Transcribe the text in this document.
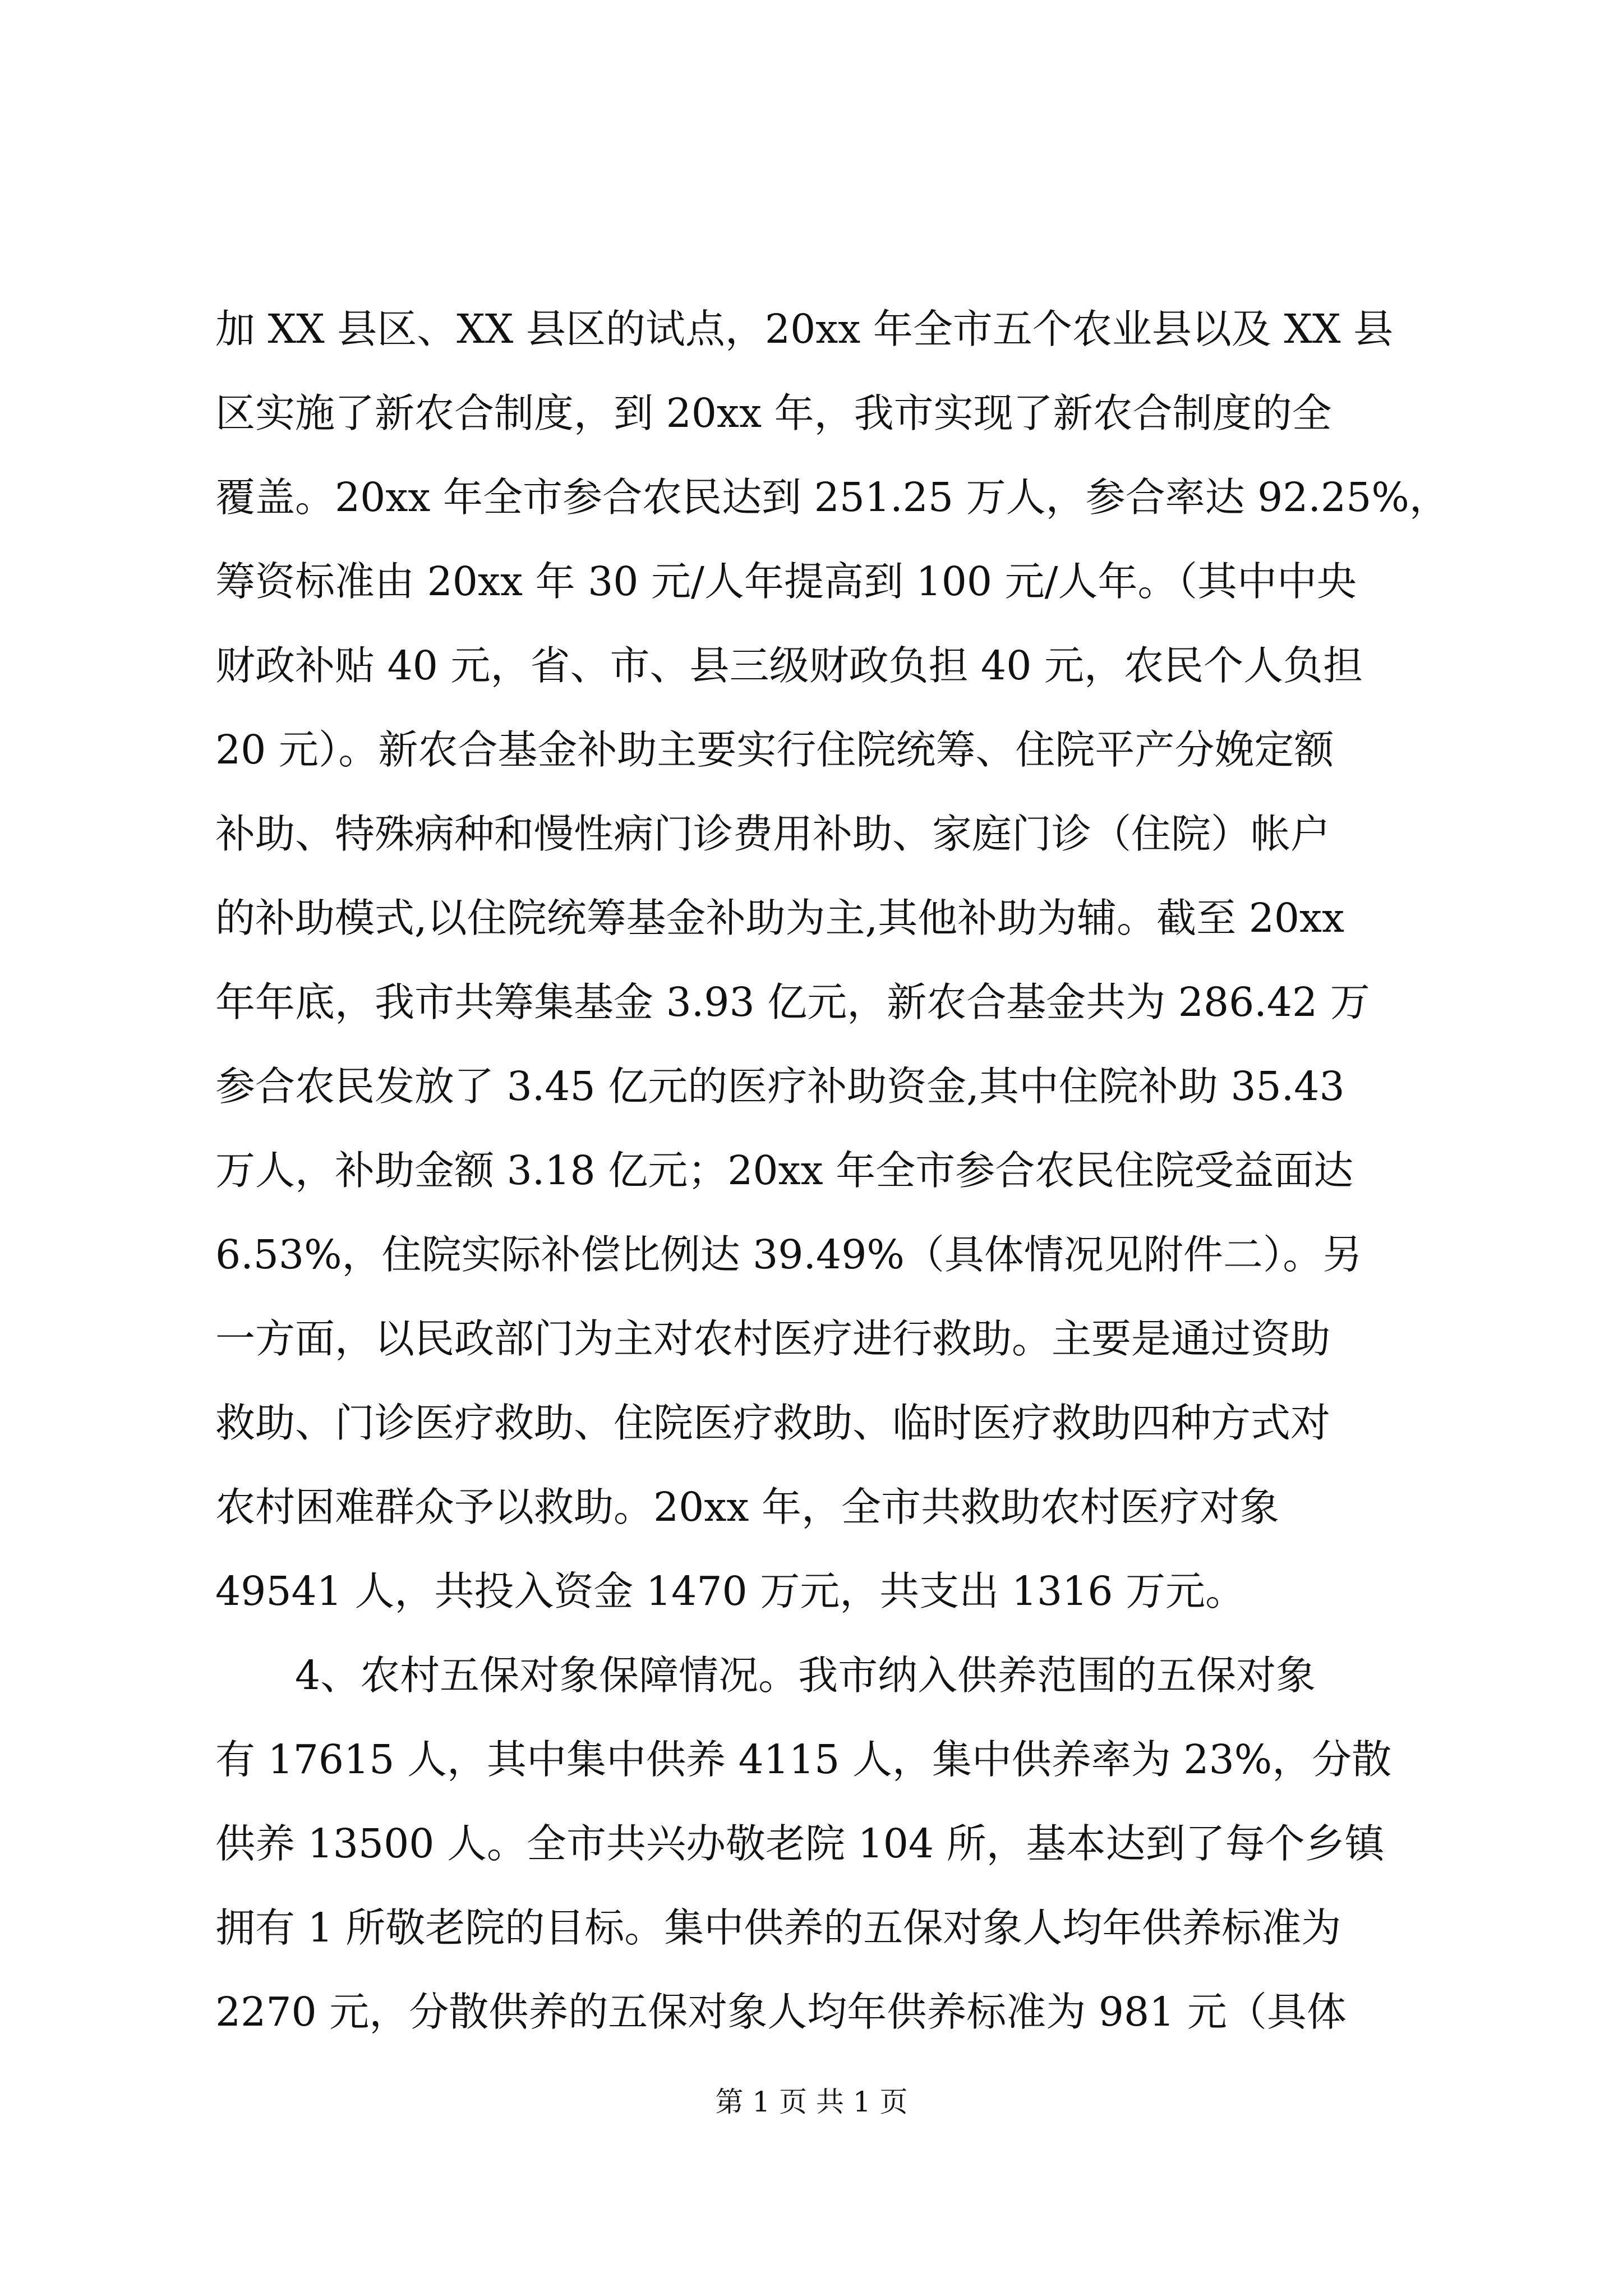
加 XX 县区、XX 县区的试点，20xx 年全市五个农业县以及 XX 县
区实施了新农合制度，到 20xx 年，我市实现了新农合制度的全
覆盖。20xx 年全市参合农民达到 251.25 万人，参合率达 92.25%，
筹资标准由 20xx 年 30 元/人年提高到 100 元/人年。（其中中央
财政补贴 40 元，省、市、县三级财政负担 40 元，农民个人负担
20 元）。新农合基金补助主要实行住院统筹、住院平产分娩定额
补助、特殊病种和慢性病门诊费用补助、家庭门诊（住院）帐户
的补助模式,以住院统筹基金补助为主,其他补助为辅。截至 20xx
年年底，我市共筹集基金 3.93 亿元，新农合基金共为 286.42 万
参合农民发放了 3.45 亿元的医疗补助资金,其中住院补助 35.43
万人，补助金额 3.18 亿元；20xx 年全市参合农民住院受益面达
6.53%，住院实际补偿比例达 39.49%（具体情况见附件二）。另
一方面，以民政部门为主对农村医疗进行救助。主要是通过资助
救助、门诊医疗救助、住院医疗救助、临时医疗救助四种方式对
农村困难群众予以救助。20xx 年，全市共救助农村医疗对象
49541 人，共投入资金 1470 万元，共支出 1316 万元。
　　4、农村五保对象保障情况。我市纳入供养范围的五保对象
有 17615 人，其中集中供养 4115 人，集中供养率为 23%，分散
供养 13500 人。全市共兴办敬老院 104 所，基本达到了每个乡镇
拥有 1 所敬老院的目标。集中供养的五保对象人均年供养标准为
2270 元，分散供养的五保对象人均年供养标准为 981 元（具体
第 1 页 共 1 页
